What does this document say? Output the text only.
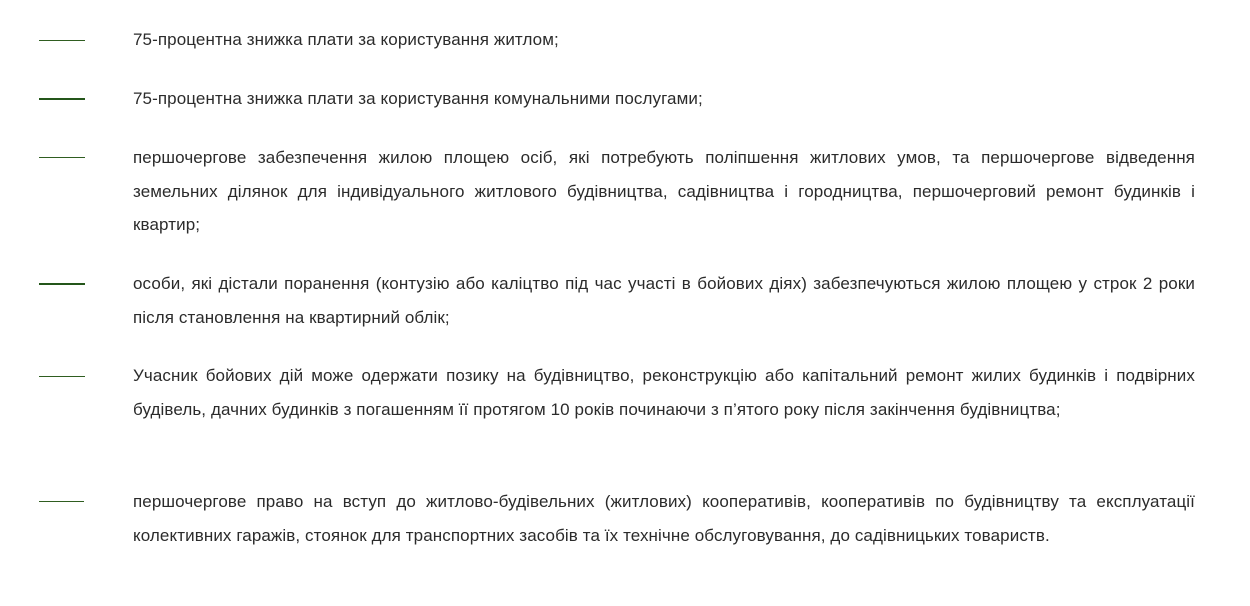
75-процентна знижка плати за користування житлом;

75-процентна знижка плати за користування комунальними послугами;

першочергове забезпечення жилою площею осіб, які потребують поліпшення житлових умов, та першочергове відведення земельних ділянок для індивідуального житлового будівництва, садівництва і городництва, першочерговий ремонт будинків і квартир;

особи, які дістали поранення (контузію або каліцтво під час участі в бойових діях) забезпечуються жилою площею у строк 2 роки після становлення на квартирний облік;

Учасник бойових дій може одержати позику на будівництво, реконструкцію або капітальний ремонт жилих будинків і подвірних будівель, дачних будинків з погашенням її протягом 10 років починаючи з п’ятого року після закінчення будівництва;

першочергове право на вступ до житлово-будівельних (житлових) кооперативів, кооперативів по будівництву та експлуатації колективних гаражів, стоянок для транспортних засобів та їх технічне обслуговування, до садівницьких товариств.
